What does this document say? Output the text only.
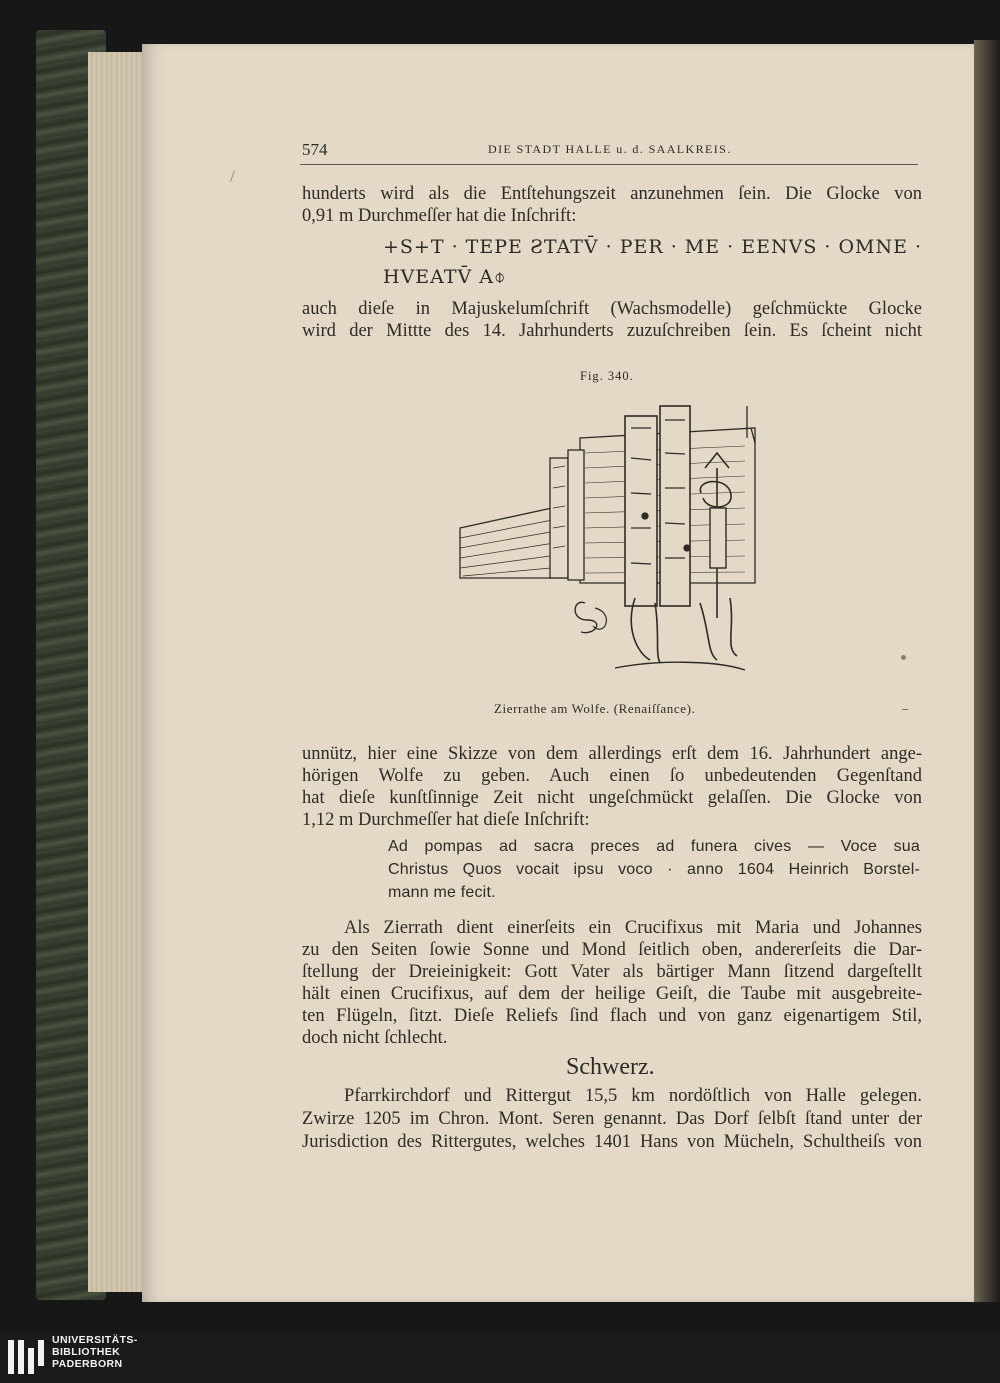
574	DIE STADT HALLE u. d. SAALKREIS.
hunderts wird als die Entſtehungszeit anzunehmen ſein. Die Glocke von
0,91 m Durchmeſſer hat die Inſchrift:
+S+T · TEPE ƧTATV̄ · PER · ME · EENVS · OMNE ·
HVEATV̄ A⌽
auch dieſe in Majuskelumſchrift (Wachsmodelle) geſchmückte Glocke
wird der Mittte des 14. Jahrhunderts zuzuſchreiben ſein. Es ſcheint nicht
Fig. 340.
Zierrathe am Wolfe. (Renaiſſance).
unnütz, hier eine Skizze von dem allerdings erſt dem 16. Jahrhundert ange-
hörigen Wolfe zu geben. Auch einen ſo unbedeutenden Gegenſtand
hat dieſe kunſtſinnige Zeit nicht ungeſchmückt gelaſſen. Die Glocke von
1,12 m Durchmeſſer hat dieſe Inſchrift:
Ad pompas ad sacra preces ad funera cives — Voce sua
Christus Quos vocait ipsu voco · anno 1604 Heinrich Borstel-
mann me fecit.
Als Zierrath dient einerſeits ein Crucifixus mit Maria und Johannes
zu den Seiten ſowie Sonne und Mond ſeitlich oben, andererſeits die Dar-
ſtellung der Dreieinigkeit: Gott Vater als bärtiger Mann ſitzend dargeſtellt
hält einen Crucifixus, auf dem der heilige Geiſt, die Taube mit ausgebreite-
ten Flügeln, ſitzt. Dieſe Reliefs ſind flach und von ganz eigenartigem Stil,
doch nicht ſchlecht.
Schwerz.
Pfarrkirchdorf und Rittergut 15,5 km nordöſtlich von Halle gelegen.
Zwirze 1205 im Chron. Mont. Seren genannt. Das Dorf ſelbſt ſtand unter der
Jurisdiction des Rittergutes, welches 1401 Hans von Mücheln, Schultheiſs von
UNIVERSITÄTS-
BIBLIOTHEK
PADERBORN
